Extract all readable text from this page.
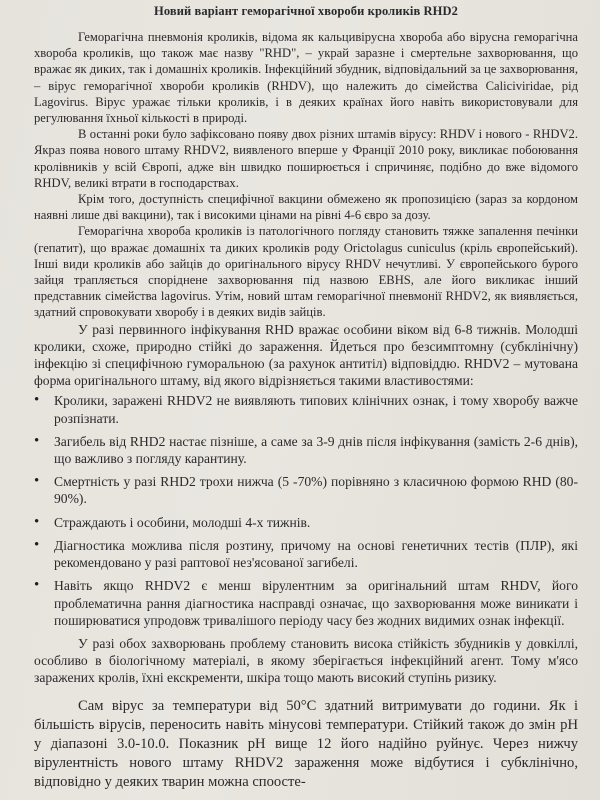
Новий варіант геморагічної хвороби кроликів RHD2

Геморагічна пневмонія кроликів, відома як кальцивірусна хвороба або вірусна геморагічна хвороба кроликів, що також має назву "RHD", – украй заразне і смертельне захворювання, що вражає як диких, так і домашніх кроликів. Інфекційний збудник, відповідальний за це захворювання, – вірус геморагічної хвороби кроликів (RHDV), що належить до сімейства Caliciviridae, рід Lagovirus. Вірус уражає тільки кроликів, і в деяких країнах його навіть використовували для регулювання їхньої кількості в природі.

В останні роки було зафіксовано появу двох різних штамів вірусу: RHDV і нового - RHDV2. Якраз поява нового штаму RHDV2, виявленого вперше у Франції 2010 року, викликає побоювання кролівників у всій Європі, адже він швидко поширюється і спричиняє, подібно до вже відомого RHDV, великі втрати в господарствах.

Крім того, доступність специфічної вакцини обмежено як пропозицією (зараз за кордоном наявні лише дві вакцини), так і високими цінами на рівні 4-6 євро за дозу.

Геморагічна хвороба кроликів із патологічного погляду становить тяжке запалення печінки (гепатит), що вражає домашніх та диких кроликів роду Orictolagus cuniculus (кріль європейський). Інші види кроликів або зайців до оригінального вірусу RHDV нечутливі. У європейського бурого зайця трапляється споріднене захворювання під назвою EBHS, але його викликає інший представник сімейства lagovirus. Утім, новий штам геморагічної пневмонії RHDV2, як виявляється, здатний спровокувати хворобу і в деяких видів зайців.

У разі первинного інфікування RHD вражає особини віком від 6-8 тижнів. Молодші кролики, схоже, природно стійкі до зараження. Йдеться про безсимптомну (субклінічну) інфекцію зі специфічною гуморальною (за рахунок антитіл) відповіддю. RHDV2 – мутована форма оригінального штаму, від якого відрізняється такими властивостями:

• Кролики, заражені RHDV2 не виявляють типових клінічних ознак, і тому хворобу важче розпізнати.
• Загибель від RHD2 настає пізніше, а саме за 3-9 днів після інфікування (замість 2-6 днів), що важливо з погляду карантину.
• Смертність у разі RHD2 трохи нижча (5 -70%) порівняно з класичною формою RHD (80-90%).
• Страждають і особини, молодші 4-х тижнів.
• Діагностика можлива після розтину, причому на основі генетичних тестів (ПЛР), які рекомендовано у разі раптової нез'ясованої загибелі.
• Навіть якщо RHDV2 є менш вірулентним за оригінальний штам RHDV, його проблематична рання діагностика насправді означає, що захворювання може виникати і поширюватися упродовж тривалішого періоду часу без жодних видимих ознак інфекції.

У разі обох захворювань проблему становить висока стійкість збудників у довкіллі, особливо в біологічному матеріалі, в якому зберігається інфекційний агент. Тому м'ясо заражених кролів, їхні екскременти, шкіра тощо мають високий ступінь ризику.

Сам вірус за температури від 50°С здатний витримувати до години. Як і більшість вірусів, переносить навіть мінусові температури. Стійкий також до змін pH у діапазоні 3.0-10.0. Показник pH вище 12 його надійно руйнує. Через нижчу вірулентність нового штаму RHDV2 зараження може відбутися і субклінічно, відповідно у деяких тварин можна споосте-
